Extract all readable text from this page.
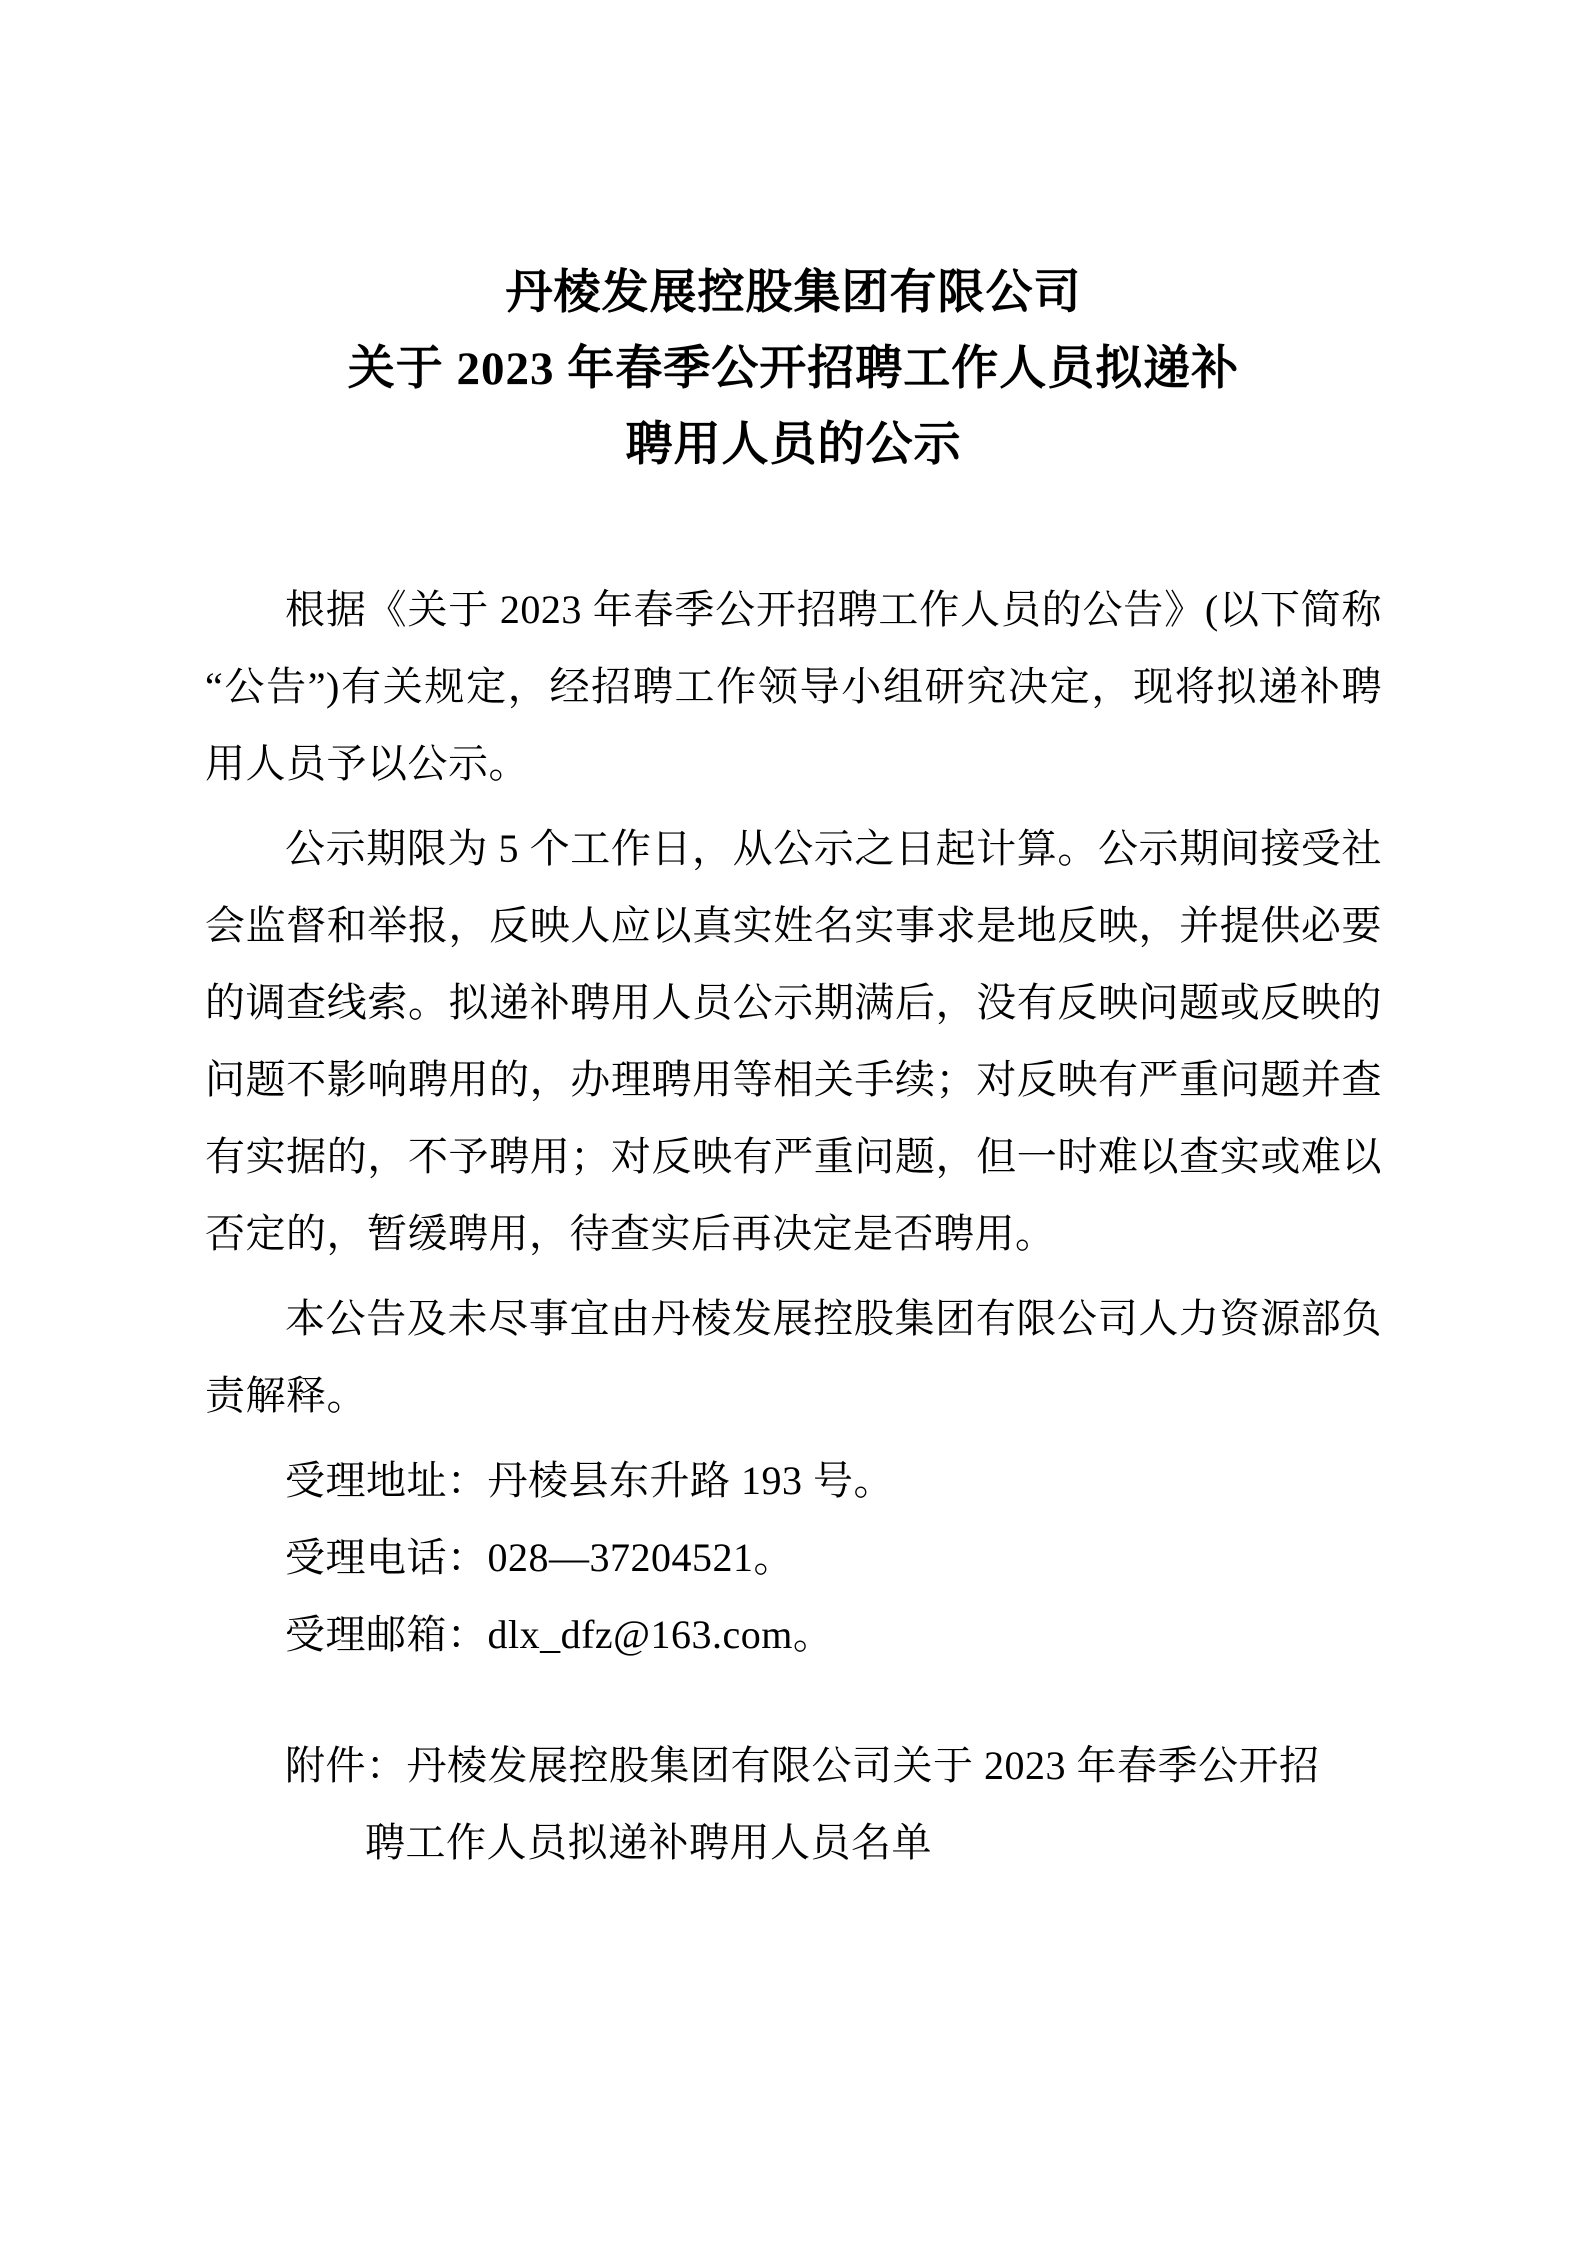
丹棱发展控股集团有限公司
关于 2023 年春季公开招聘工作人员拟递补
聘用人员的公示

根据《关于 2023 年春季公开招聘工作人员的公告》(以下简称“公告”)有关规定，经招聘工作领导小组研究决定，现将拟递补聘用人员予以公示。

公示期限为 5 个工作日，从公示之日起计算。公示期间接受社会监督和举报，反映人应以真实姓名实事求是地反映，并提供必要的调查线索。拟递补聘用人员公示期满后，没有反映问题或反映的问题不影响聘用的，办理聘用等相关手续；对反映有严重问题并查有实据的，不予聘用；对反映有严重问题，但一时难以查实或难以否定的，暂缓聘用，待查实后再决定是否聘用。

本公告及未尽事宜由丹棱发展控股集团有限公司人力资源部负责解释。

受理地址：丹棱县东升路 193 号。

受理电话：028—37204521。

受理邮箱：dlx_dfz@163.com。

附件：丹棱发展控股集团有限公司关于 2023 年春季公开招
聘工作人员拟递补聘用人员名单
